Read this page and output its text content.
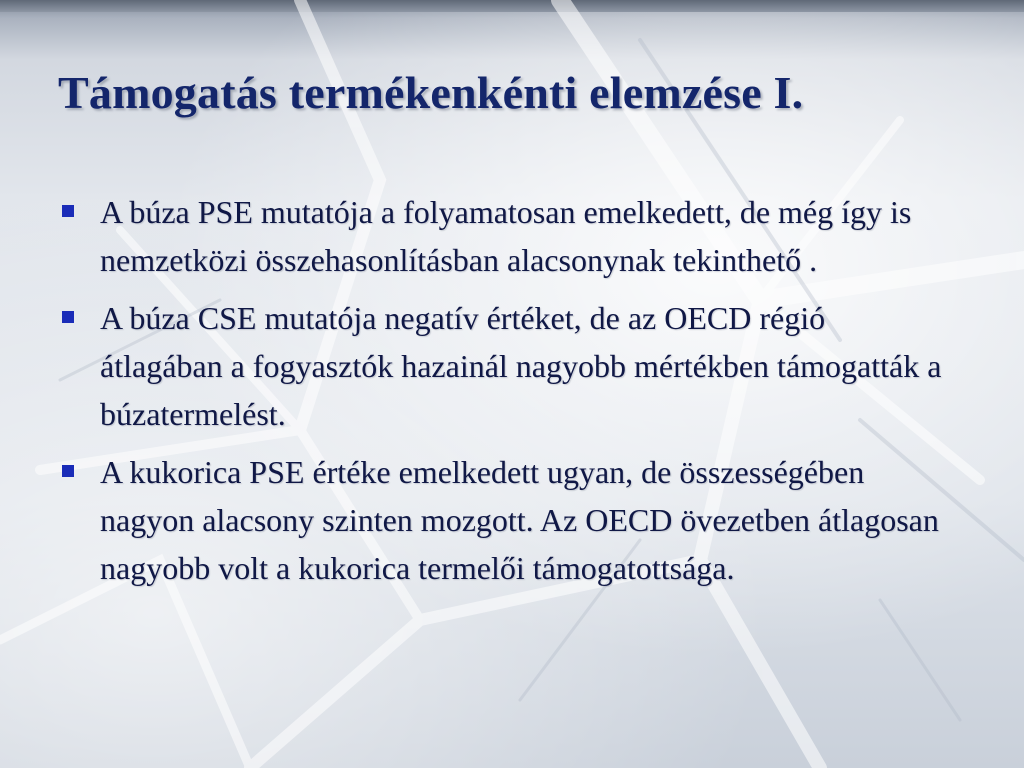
Támogatás termékenkénti elemzése I.
A búza PSE mutatója a folyamatosan emelkedett, de még így is nemzetközi összehasonlításban alacsonynak tekinthető .
A búza CSE mutatója negatív értéket, de az OECD régió átlagában a fogyasztók hazainál nagyobb mértékben támogatták a búzatermelést.
A kukorica PSE értéke emelkedett ugyan, de összességében nagyon alacsony szinten mozgott. Az OECD övezetben átlagosan nagyobb volt a kukorica termelői támogatottsága.
